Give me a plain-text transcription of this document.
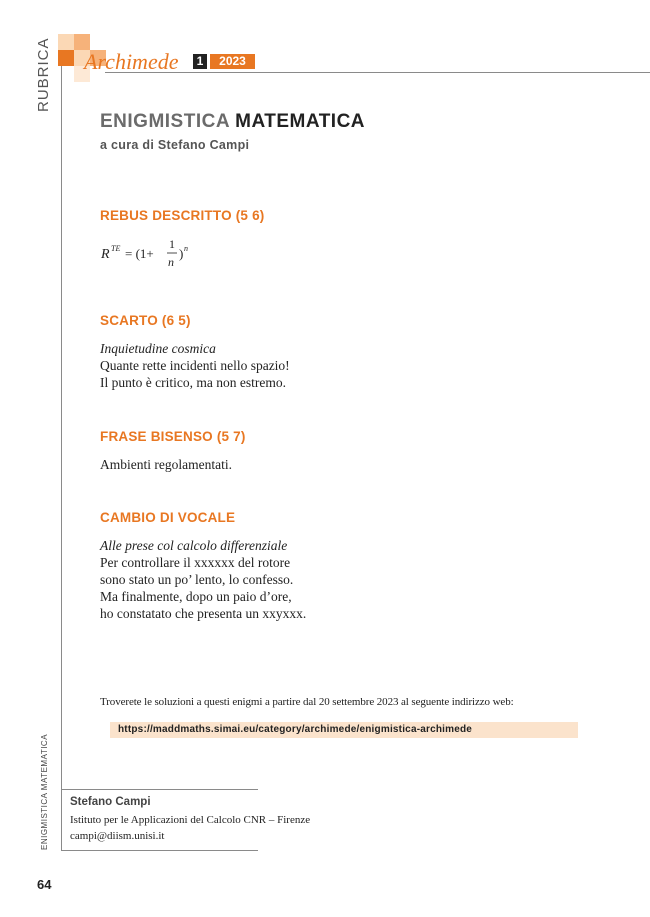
RUBRICA
ENIGMISTICA MATEMATICA
Archimede	1	2023
ENIGMISTICA MATEMATICA
a cura di Stefano Campi
REBUS DESCRITTO (5 6)
R TE = (1+
1
n
) n
SCARTO (6 5)
Inquietudine cosmica
Quante rette incidenti nello spazio!
Il punto è critico, ma non estremo.
FRASE BISENSO (5 7)
Ambienti regolamentati.
CAMBIO DI VOCALE
Alle prese col calcolo differenziale
Per controllare il xxxxxx del rotore
sono stato un po’ lento, lo confesso.
Ma finalmente, dopo un paio d’ore,
ho constatato che presenta un xxyxxx.
Troverete le soluzioni a questi enigmi a partire dal 20 settembre 2023 al seguente indirizzo web:
https://maddmaths.simai.eu/category/archimede/enigmistica-archimede
Stefano Campi
Istituto per le Applicazioni del Calcolo CNR – Firenze
campi@diism.unisi.it
64
